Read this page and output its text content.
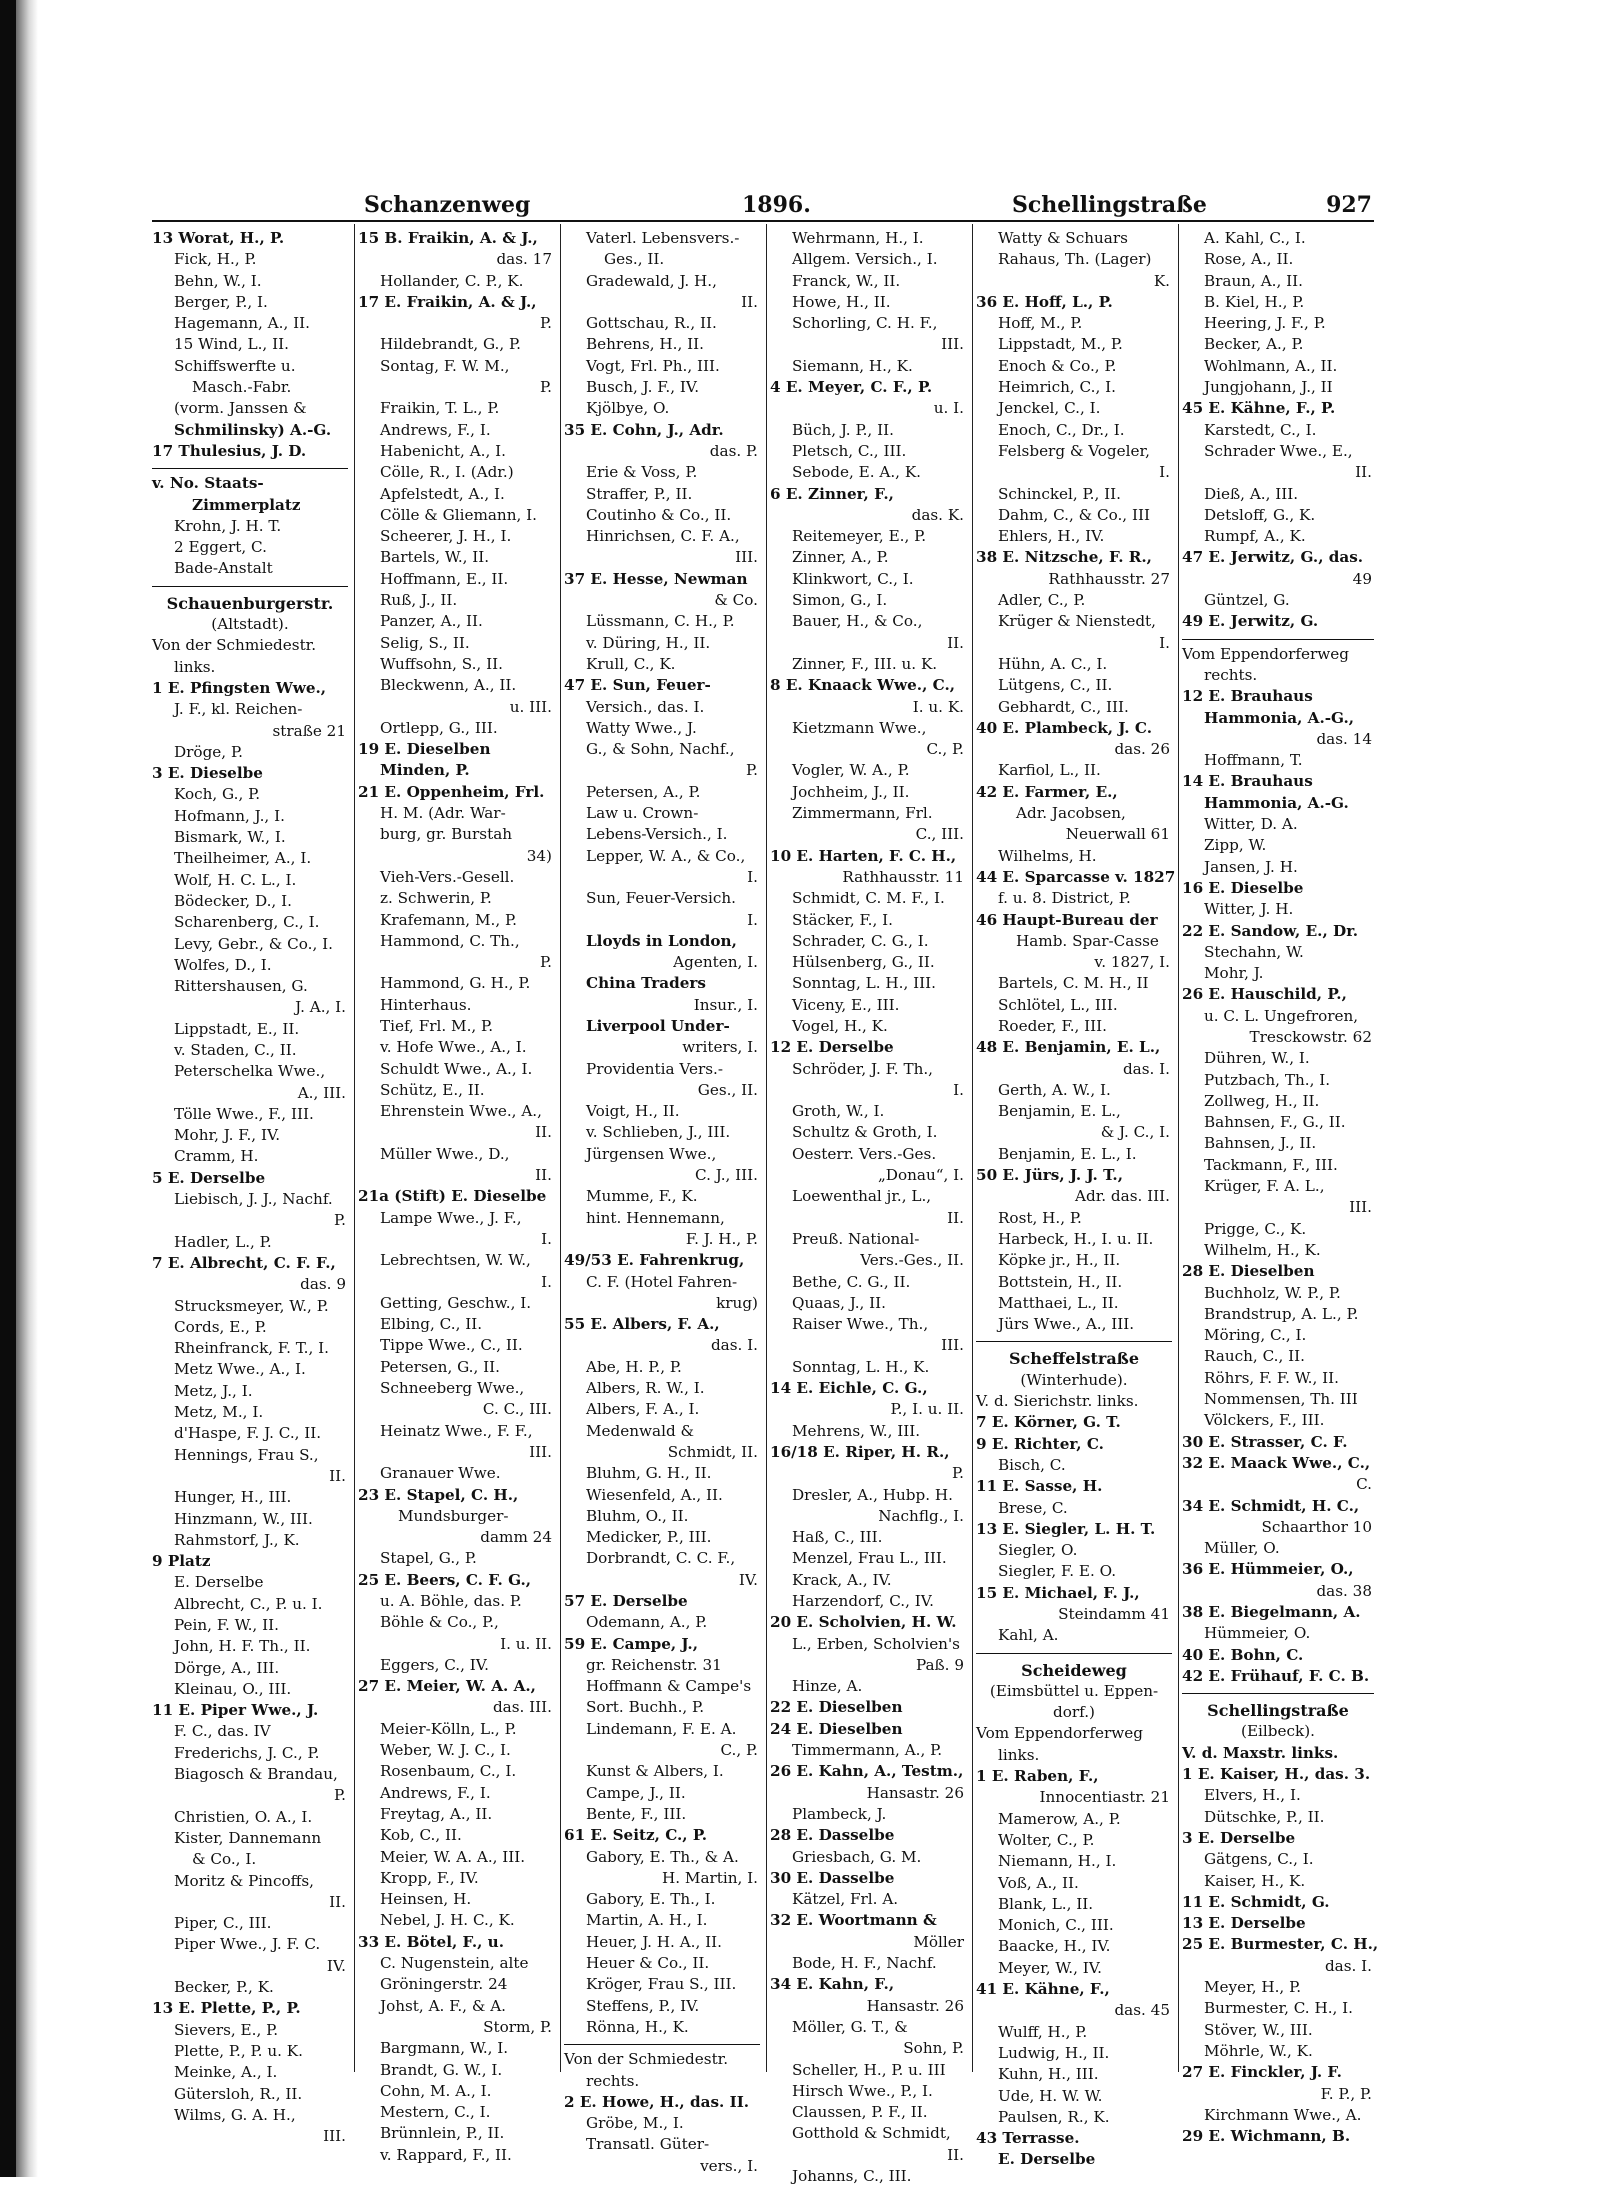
Schanzenweg	1896.	Schellingstraße	927
13 Worat, H., P.
Fick, H., P.
Behn, W., I.
Berger, P., I.
Hagemann, A., II.
15 Wind, L., II.
Schiffswerfte u.
Masch.-Fabr.
(vorm. Janssen &
Schmilinsky) A.-G.
17 Thulesius, J. D.
v. No. Staats-
Zimmerplatz
Krohn, J. H. T.
2 Eggert, C.
Bade-Anstalt
Schauenburgerstr.
(Altstadt).
Von der Schmiedestr.
links.
1 E. Pfingsten Wwe.,
J. F., kl. Reichen-
straße 21
Dröge, P.
3 E. Dieselbe
Koch, G., P.
Hofmann, J., I.
Bismark, W., I.
Theilheimer, A., I.
Wolf, H. C. L., I.
Bödecker, D., I.
Scharenberg, C., I.
Levy, Gebr., & Co., I.
Wolfes, D., I.
Rittershausen, G.
J. A., I.
Lippstadt, E., II.
v. Staden, C., II.
Peterschelka Wwe.,
A., III.
Tölle Wwe., F., III.
Mohr, J. F., IV.
Cramm, H.
5 E. Derselbe
Liebisch, J. J., Nachf.
P.
Hadler, L., P.
7 E. Albrecht, C. F. F.,
das. 9
Strucksmeyer, W., P.
Cords, E., P.
Rheinfranck, F. T., I.
Metz Wwe., A., I.
Metz, J., I.
Metz, M., I.
d'Haspe, F. J. C., II.
Hennings, Frau S.,
II.
Hunger, H., III.
Hinzmann, W., III.
Rahmstorf, J., K.
9 Platz
E. Derselbe
Albrecht, C., P. u. I.
Pein, F. W., II.
John, H. F. Th., II.
Dörge, A., III.
Kleinau, O., III.
11 E. Piper Wwe., J.
F. C., das. IV
Frederichs, J. C., P.
Biagosch & Brandau,
P.
Christien, O. A., I.
Kister, Dannemann
& Co., I.
Moritz & Pincoffs,
II.
Piper, C., III.
Piper Wwe., J. F. C.
IV.
Becker, P., K.
13 E. Plette, P., P.
Sievers, E., P.
Plette, P., P. u. K.
Meinke, A., I.
Gütersloh, R., II.
Wilms, G. A. H.,
III.
15 B. Fraikin, A. & J.,
das. 17
Hollander, C. P., K.
17 E. Fraikin, A. & J.,
P.
Hildebrandt, G., P.
Sontag, F. W. M.,
P.
Fraikin, T. L., P.
Andrews, F., I.
Habenicht, A., I.
Cölle, R., I. (Adr.)
Apfelstedt, A., I.
Cölle & Gliemann, I.
Scheerer, J. H., I.
Bartels, W., II.
Hoffmann, E., II.
Ruß, J., II.
Panzer, A., II.
Selig, S., II.
Wuffsohn, S., II.
Bleckwenn, A., II.
u. III.
Ortlepp, G., III.
19 E. Dieselben
Minden, P.
21 E. Oppenheim, Frl.
H. M. (Adr. War-
burg, gr. Burstah
34)
Vieh-Vers.-Gesell.
z. Schwerin, P.
Krafemann, M., P.
Hammond, C. Th.,
P.
Hammond, G. H., P.
Hinterhaus.
Tief, Frl. M., P.
v. Hofe Wwe., A., I.
Schuldt Wwe., A., I.
Schütz, E., II.
Ehrenstein Wwe., A.,
II.
Müller Wwe., D.,
II.
21a (Stift) E. Dieselbe
Lampe Wwe., J. F.,
I.
Lebrechtsen, W. W.,
I.
Getting, Geschw., I.
Elbing, C., II.
Tippe Wwe., C., II.
Petersen, G., II.
Schneeberg Wwe.,
C. C., III.
Heinatz Wwe., F. F.,
III.
Granauer Wwe.
23 E. Stapel, C. H.,
Mundsburger-
damm 24
Stapel, G., P.
25 E. Beers, C. F. G.,
u. A. Böhle, das. P.
Böhle & Co., P.,
I. u. II.
Eggers, C., IV.
27 E. Meier, W. A. A.,
das. III.
Meier-Kölln, L., P.
Weber, W. J. C., I.
Rosenbaum, C., I.
Andrews, F., I.
Freytag, A., II.
Kob, C., II.
Meier, W. A. A., III.
Kropp, F., IV.
Heinsen, H.
Nebel, J. H. C., K.
33 E. Bötel, F., u.
C. Nugenstein, alte
Gröningerstr. 24
Johst, A. F., & A.
Storm, P.
Bargmann, W., I.
Brandt, G. W., I.
Cohn, M. A., I.
Mestern, C., I.
Brünnlein, P., II.
v. Rappard, F., II.
Vaterl. Lebensvers.-
Ges., II.
Gradewald, J. H.,
II.
Gottschau, R., II.
Behrens, H., II.
Vogt, Frl. Ph., III.
Busch, J. F., IV.
Kjölbye, O.
35 E. Cohn, J., Adr.
das. P.
Erie & Voss, P.
Straffer, P., II.
Coutinho & Co., II.
Hinrichsen, C. F. A.,
III.
37 E. Hesse, Newman
& Co.
Lüssmann, C. H., P.
v. Düring, H., II.
Krull, C., K.
47 E. Sun, Feuer-
Versich., das. I.
Watty Wwe., J.
G., & Sohn, Nachf.,
P.
Petersen, A., P.
Law u. Crown-
Lebens-Versich., I.
Lepper, W. A., & Co.,
I.
Sun, Feuer-Versich.
I.
Lloyds in London,
Agenten, I.
China Traders
Insur., I.
Liverpool Under-
writers, I.
Providentia Vers.-
Ges., II.
Voigt, H., II.
v. Schlieben, J., III.
Jürgensen Wwe.,
C. J., III.
Mumme, F., K.
hint. Hennemann,
F. J. H., P.
49/53 E. Fahrenkrug,
C. F. (Hotel Fahren-
krug)
55 E. Albers, F. A.,
das. I.
Abe, H. P., P.
Albers, R. W., I.
Albers, F. A., I.
Medenwald &
Schmidt, II.
Bluhm, G. H., II.
Wiesenfeld, A., II.
Bluhm, O., II.
Medicker, P., III.
Dorbrandt, C. C. F.,
IV.
57 E. Derselbe
Odemann, A., P.
59 E. Campe, J.,
gr. Reichenstr. 31
Hoffmann & Campe's
Sort. Buchh., P.
Lindemann, F. E. A.
C., P.
Kunst & Albers, I.
Campe, J., II.
Bente, F., III.
61 E. Seitz, C., P.
Gabory, E. Th., & A.
H. Martin, I.
Gabory, E. Th., I.
Martin, A. H., I.
Heuer, J. H. A., II.
Heuer & Co., II.
Kröger, Frau S., III.
Steffens, P., IV.
Rönna, H., K.
Von der Schmiedestr.
rechts.
2 E. Howe, H., das. II.
Gröbe, M., I.
Transatl. Güter-
vers., I.
Wehrmann, H., I.
Allgem. Versich., I.
Franck, W., II.
Howe, H., II.
Schorling, C. H. F.,
III.
Siemann, H., K.
4 E. Meyer, C. F., P.
u. I.
Büch, J. P., II.
Pletsch, C., III.
Sebode, E. A., K.
6 E. Zinner, F.,
das. K.
Reitemeyer, E., P.
Zinner, A., P.
Klinkwort, C., I.
Simon, G., I.
Bauer, H., & Co.,
II.
Zinner, F., III. u. K.
8 E. Knaack Wwe., C.,
I. u. K.
Kietzmann Wwe.,
C., P.
Vogler, W. A., P.
Jochheim, J., II.
Zimmermann, Frl.
C., III.
10 E. Harten, F. C. H.,
Rathhausstr. 11
Schmidt, C. M. F., I.
Stäcker, F., I.
Schrader, C. G., I.
Hülsenberg, G., II.
Sonntag, L. H., III.
Viceny, E., III.
Vogel, H., K.
12 E. Derselbe
Schröder, J. F. Th.,
I.
Groth, W., I.
Schultz & Groth, I.
Oesterr. Vers.-Ges.
„Donau“, I.
Loewenthal jr., L.,
II.
Preuß. National-
Vers.-Ges., II.
Bethe, C. G., II.
Quaas, J., II.
Raiser Wwe., Th.,
III.
Sonntag, L. H., K.
14 E. Eichle, C. G.,
P., I. u. II.
Mehrens, W., III.
16/18 E. Riper, H. R.,
P.
Dresler, A., Hubp. H.
Nachflg., I.
Haß, C., III.
Menzel, Frau L., III.
Krack, A., IV.
Harzendorf, C., IV.
20 E. Scholvien, H. W.
L., Erben, Scholvien's
Paß. 9
Hinze, A.
22 E. Dieselben
24 E. Dieselben
Timmermann, A., P.
26 E. Kahn, A., Testm.,
Hansastr. 26
Plambeck, J.
28 E. Dasselbe
Griesbach, G. M.
30 E. Dasselbe
Kätzel, Frl. A.
32 E. Woortmann &
Möller
Bode, H. F., Nachf.
34 E. Kahn, F.,
Hansastr. 26
Möller, G. T., &
Sohn, P.
Scheller, H., P. u. III
Hirsch Wwe., P., I.
Claussen, P. F., II.
Gotthold & Schmidt,
II.
Johanns, C., III.
Watty & Schuars
Rahaus, Th. (Lager)
K.
36 E. Hoff, L., P.
Hoff, M., P.
Lippstadt, M., P.
Enoch & Co., P.
Heimrich, C., I.
Jenckel, C., I.
Enoch, C., Dr., I.
Felsberg & Vogeler,
I.
Schinckel, P., II.
Dahm, C., & Co., III
Ehlers, H., IV.
38 E. Nitzsche, F. R.,
Rathhausstr. 27
Adler, C., P.
Krüger & Nienstedt,
I.
Hühn, A. C., I.
Lütgens, C., II.
Gebhardt, C., III.
40 E. Plambeck, J. C.
das. 26
Karfiol, L., II.
42 E. Farmer, E.,
Adr. Jacobsen,
Neuerwall 61
Wilhelms, H.
44 E. Sparcasse v. 1827
f. u. 8. District, P.
46 Haupt-Bureau der
Hamb. Spar-Casse
v. 1827, I.
Bartels, C. M. H., II
Schlötel, L., III.
Roeder, F., III.
48 E. Benjamin, E. L.,
das. I.
Gerth, A. W., I.
Benjamin, E. L.,
& J. C., I.
Benjamin, E. L., I.
50 E. Jürs, J. J. T.,
Adr. das. III.
Rost, H., P.
Harbeck, H., I. u. II.
Köpke jr., H., II.
Bottstein, H., II.
Matthaei, L., II.
Jürs Wwe., A., III.
Scheffelstraße
(Winterhude).
V. d. Sierichstr. links.
7 E. Körner, G. T.
9 E. Richter, C.
Bisch, C.
11 E. Sasse, H.
Brese, C.
13 E. Siegler, L. H. T.
Siegler, O.
Siegler, F. E. O.
15 E. Michael, F. J.,
Steindamm 41
Kahl, A.
Scheideweg
(Eimsbüttel u. Eppen-
dorf.)
Vom Eppendorferweg
links.
1 E. Raben, F.,
Innocentiastr. 21
Mamerow, A., P.
Wolter, C., P.
Niemann, H., I.
Voß, A., II.
Blank, L., II.
Monich, C., III.
Baacke, H., IV.
Meyer, W., IV.
41 E. Kähne, F.,
das. 45
Wulff, H., P.
Ludwig, H., II.
Kuhn, H., III.
Ude, H. W. W.
Paulsen, R., K.
43 Terrasse.
E. Derselbe
A. Kahl, C., I.
Rose, A., II.
Braun, A., II.
B. Kiel, H., P.
Heering, J. F., P.
Becker, A., P.
Wohlmann, A., II.
Jungjohann, J., II
45 E. Kähne, F., P.
Karstedt, C., I.
Schrader Wwe., E.,
II.
Dieß, A., III.
Detsloff, G., K.
Rumpf, A., K.
47 E. Jerwitz, G., das.
49
Güntzel, G.
49 E. Jerwitz, G.
Vom Eppendorferweg
rechts.
12 E. Brauhaus
Hammonia, A.-G.,
das. 14
Hoffmann, T.
14 E. Brauhaus
Hammonia, A.-G.
Witter, D. A.
Zipp, W.
Jansen, J. H.
16 E. Dieselbe
Witter, J. H.
22 E. Sandow, E., Dr.
Stechahn, W.
Mohr, J.
26 E. Hauschild, P.,
u. C. L. Ungefroren,
Tresckowstr. 62
Dühren, W., I.
Putzbach, Th., I.
Zollweg, H., II.
Bahnsen, F., G., II.
Bahnsen, J., II.
Tackmann, F., III.
Krüger, F. A. L.,
III.
Prigge, C., K.
Wilhelm, H., K.
28 E. Dieselben
Buchholz, W. P., P.
Brandstrup, A. L., P.
Möring, C., I.
Rauch, C., II.
Röhrs, F. F. W., II.
Nommensen, Th. III
Völckers, F., III.
30 E. Strasser, C. F.
32 E. Maack Wwe., C.,
C.
34 E. Schmidt, H. C.,
Schaarthor 10
Müller, O.
36 E. Hümmeier, O.,
das. 38
38 E. Biegelmann, A.
Hümmeier, O.
40 E. Bohn, C.
42 E. Frühauf, F. C. B.
Schellingstraße
(Eilbeck).
V. d. Maxstr. links.
1 E. Kaiser, H., das. 3.
Elvers, H., I.
Dütschke, P., II.
3 E. Derselbe
Gätgens, C., I.
Kaiser, H., K.
11 E. Schmidt, G.
13 E. Derselbe
25 E. Burmester, C. H.,
das. I.
Meyer, H., P.
Burmester, C. H., I.
Stöver, W., III.
Möhrle, W., K.
27 E. Finckler, J. F.
F. P., P.
Kirchmann Wwe., A.
29 E. Wichmann, B.
